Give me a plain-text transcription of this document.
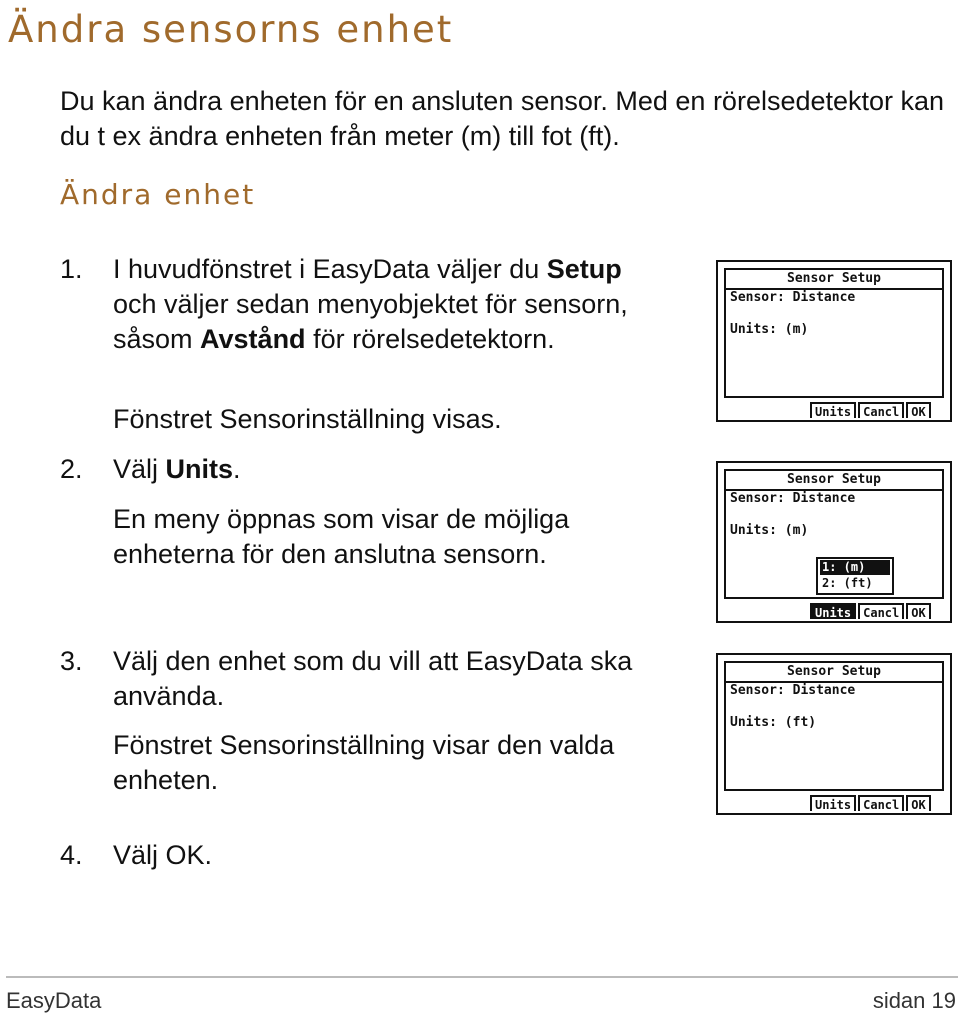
Ändra sensorns enhet
Du kan ändra enheten för en ansluten sensor. Med en rörelsedetektor kan du t ex ändra enheten från meter (m) till fot (ft).
Ändra enhet
1. I huvudfönstret i EasyData väljer du Setup och väljer sedan menyobjektet för sensorn, såsom Avstånd för rörelsedetektorn.
Fönstret Sensorinställning visas.
2. Välj Units.
En meny öppnas som visar de möjliga enheterna för den anslutna sensorn.
3. Välj den enhet som du vill att EasyData ska använda.
Fönstret Sensorinställning visar den valda enheten.
4. Välj OK.
Sensor Setup
Sensor: Distance
Units: (m)
Units	Cancl	OK
Sensor Setup
Sensor: Distance
Units: (m)
1: (m)
2: (ft)
Units	Cancl	OK
Sensor Setup
Sensor: Distance
Units: (ft)
Units	Cancl	OK
EasyData	sidan 19
